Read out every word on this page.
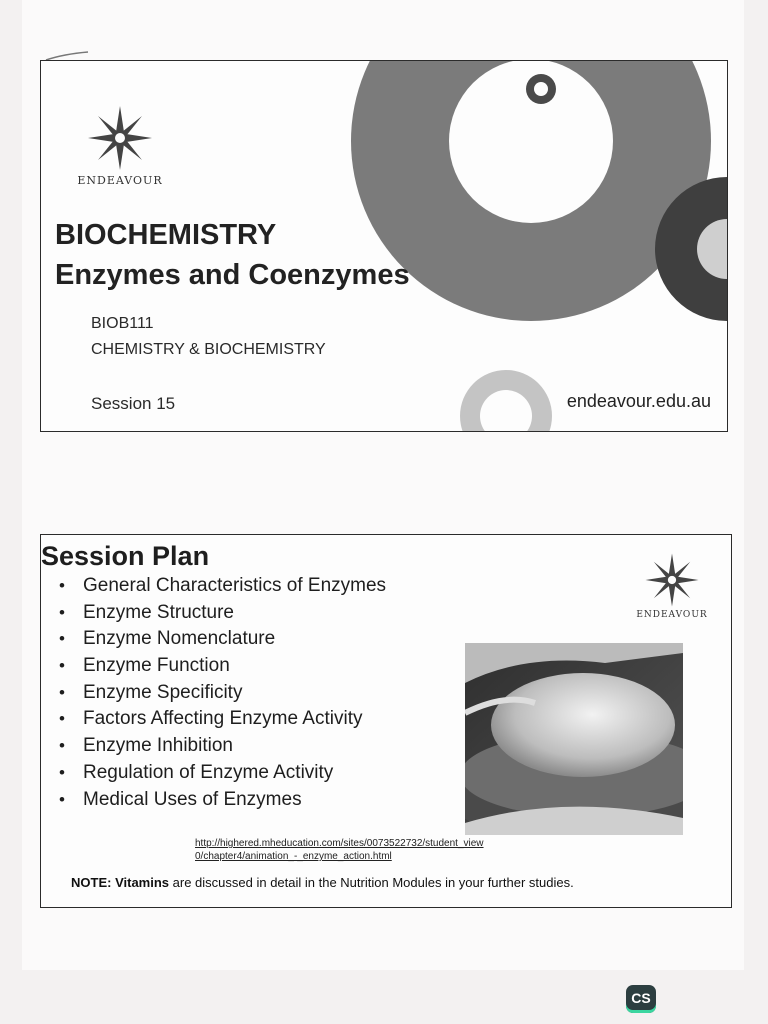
ENDEAVOUR
BIOCHEMISTRY
Enzymes and Coenzymes
BIOB111
CHEMISTRY & BIOCHEMISTRY
Session 15	endeavour.edu.au
Session Plan
• General Characteristics of Enzymes
• Enzyme Structure
• Enzyme Nomenclature
• Enzyme Function
• Enzyme Specificity
• Factors Affecting Enzyme Activity
• Enzyme Inhibition
• Regulation of Enzyme Activity
• Medical Uses of Enzymes
ENDEAVOUR
http://highered.mheducation.com/sites/0073522732/student_view
0/chapter4/animation_-_enzyme_action.html
NOTE: Vitamins are discussed in detail in the Nutrition Modules in your further studies.
CS
